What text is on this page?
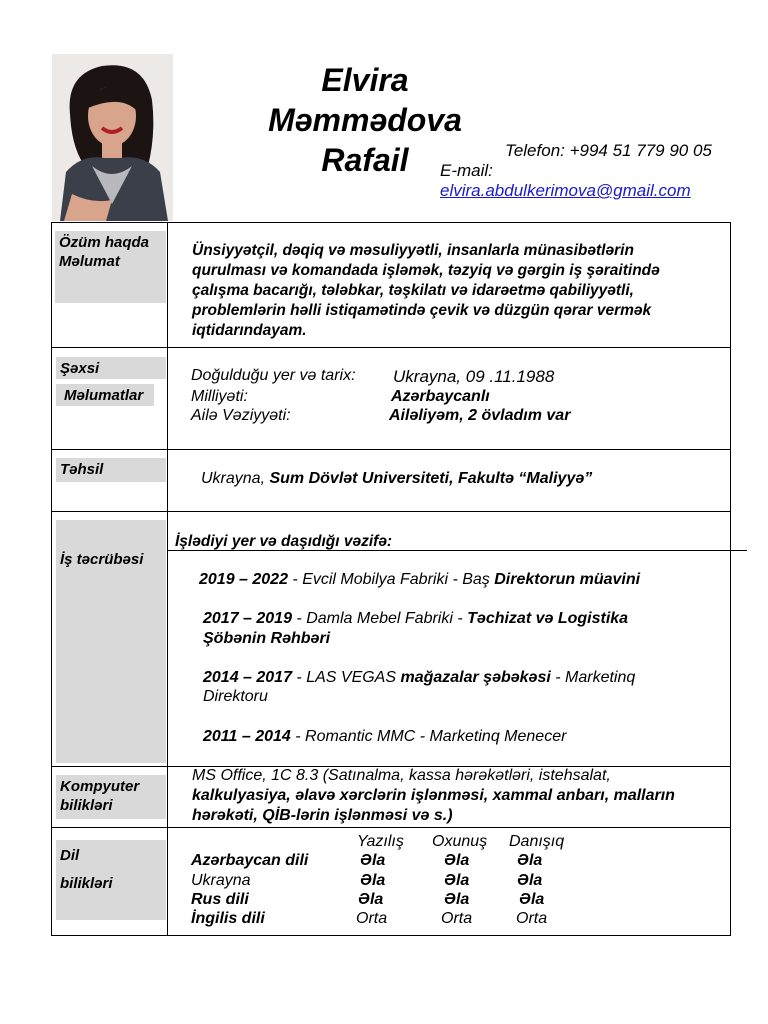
Elvira
Məmmədova
Rafail	Telefon: +994 51 779 90 05
E-mail:
elvira.abdulkerimova@gmail.com
Özüm haqda
Məlumat
Ünsiyyətçil, dəqiq və məsuliyyətli, insanlarla münasibətlərin qurulması və komandada işləmək, təzyiq və gərgin iş şəraitində çalışma bacarığı, tələbkar, təşkilatı və idarəetmə qabiliyyətli, problemlərin həlli istiqamətində çevik və düzgün qərar vermək iqtidarındayam.
Şəxsi
Məlumatlar
Doğulduğu yer və tarix: Ukrayna, 09 .11.1988
Milliyəti:	Azərbaycanlı
Ailə Vəziyyəti:	Ailəliyəm, 2 övladım var
Təhsil
Ukrayna, Sum Dövlət Universiteti, Fakultə “Maliyyə”
İş təcrübəsi
İşlədiyi yer və daşıdığı vəzifə:
2019 – 2022 - Evcil Mobilya Fabriki - Baş Direktorun müavini
2017 – 2019 - Damla Mebel Fabriki - Təchizat və Logistika
Şöbənin Rəhbəri
2014 – 2017 - LAS VEGAS mağazalar şəbəkəsi - Marketinq
Direktoru
2011 – 2014 - Romantic MMC - Marketinq Menecer
Kompyuter
bilikləri
MS Office, 1C 8.3 (Satınalma, kassa hərəkətləri, istehsalat,
kalkulyasiya, əlavə xərclərin işlənməsi, xammal anbarı, malların
hərəkəti, QİB-lərin işlənməsi və s.)
Dil
bilikləri
Yazılış Oxunuş Danışıq
Azərbaycan dili	Əla	Əla	Əla
Ukrayna	Əla	Əla	Əla
Rus dili	Əla	Əla	Əla
İngilis dili	Orta	Orta	Orta
